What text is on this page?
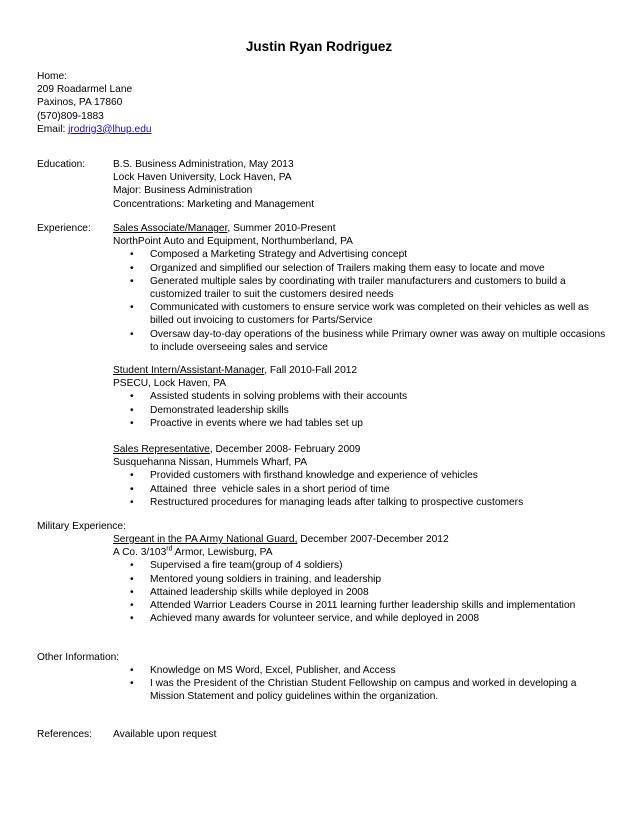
Justin Ryan Rodriguez
Home:
209 Roadarmel Lane
Paxinos, PA 17860
(570)809-1883
Email: jrodrig3@lhup.edu
Education:	B.S. Business Administration, May 2013
Lock Haven University, Lock Haven, PA
Major: Business Administration
Concentrations: Marketing and Management
Experience: Sales Associate/Manager, Summer 2010-Present
NorthPoint Auto and Equipment, Northumberland, PA
• Composed a Marketing Strategy and Advertising concept
• Organized and simplified our selection of Trailers making them easy to locate and move
• Generated multiple sales by coordinating with trailer manufacturers and customers to build a customized trailer to suit the customers desired needs
• Communicated with customers to ensure service work was completed on their vehicles as well as billed out invoicing to customers for Parts/Service
• Oversaw day-to-day operations of the business while Primary owner was away on multiple occasions to include overseeing sales and service
Student Intern/Assistant-Manager, Fall 2010-Fall 2012
PSECU, Lock Haven, PA
• Assisted students in solving problems with their accounts
• Demonstrated leadership skills
• Proactive in events where we had tables set up
Sales Representative, December 2008- February 2009
Susquehanna Nissan, Hummels Wharf, PA
• Provided customers with firsthand knowledge and experience of vehicles
• Attained  three  vehicle sales in a short period of time
• Restructured procedures for managing leads after talking to prospective customers
Military Experience:
Sergeant in the PA Army National Guard, December 2007-December 2012
A Co. 3/103rd Armor, Lewisburg, PA
• Supervised a fire team(group of 4 soldiers)
• Mentored young soldiers in training, and leadership
• Attained leadership skills while deployed in 2008
• Attended Warrior Leaders Course in 2011 learning further leadership skills and implementation
• Achieved many awards for volunteer service, and while deployed in 2008
Other Information:
• Knowledge on MS Word, Excel, Publisher, and Access
• I was the President of the Christian Student Fellowship on campus and worked in developing a Mission Statement and policy guidelines within the organization.
References: Available upon request
